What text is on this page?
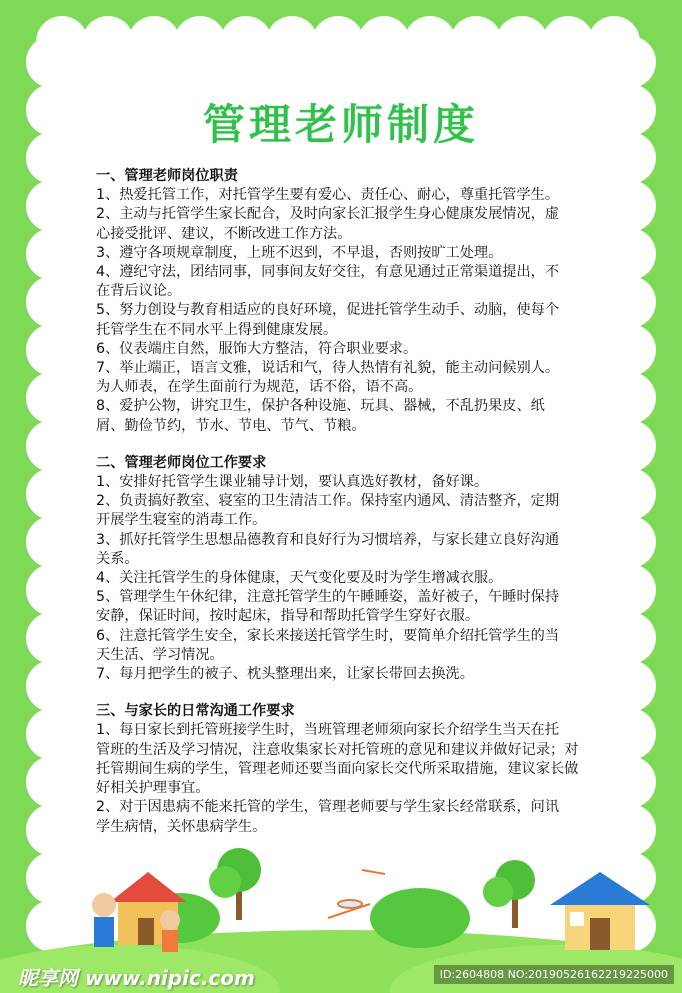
管理老师制度
一、管理老师岗位职责
1、热爱托管工作，对托管学生要有爱心、责任心、耐心，尊重托管学生。
2、主动与托管学生家长配合，及时向家长汇报学生身心健康发展情况，虚
心接受批评、建议，不断改进工作方法。
3、遵守各项规章制度，上班不迟到，不早退，否则按旷工处理。
4、遵纪守法，团结同事，同事间友好交往，有意见通过正常渠道提出，不
在背后议论。
5、努力创设与教育相适应的良好环境，促进托管学生动手、动脑，使每个
托管学生在不同水平上得到健康发展。
6、仪表端庄自然，服饰大方整洁，符合职业要求。
7、举止端正，语言文雅，说话和气，待人热情有礼貌，能主动问候别人。
为人师表，在学生面前行为规范，话不俗，语不高。
8、爱护公物，讲究卫生，保护各种设施、玩具、器械，不乱扔果皮、纸
屑、勤俭节约，节水、节电、节气、节粮。
二、管理老师岗位工作要求
1、安排好托管学生课业辅导计划，要认真选好教材，备好课。
2、负责搞好教室、寝室的卫生清洁工作。保持室内通风、清洁整齐，定期
开展学生寝室的消毒工作。
3、抓好托管学生思想品德教育和良好行为习惯培养，与家长建立良好沟通
关系。
4、关注托管学生的身体健康，天气变化要及时为学生增减衣服。
5、管理学生午休纪律，注意托管学生的午睡睡姿，盖好被子，午睡时保持
安静，保证时间，按时起床，指导和帮助托管学生穿好衣服。
6、注意托管学生安全，家长来接送托管学生时，要简单介绍托管学生的当
天生活、学习情况。
7、每月把学生的被子、枕头整理出来，让家长带回去换洗。
三、与家长的日常沟通工作要求
1、每日家长到托管班接学生时，当班管理老师须向家长介绍学生当天在托
管班的生活及学习情况，注意收集家长对托管班的意见和建议并做好记录；对
托管期间生病的学生，管理老师还要当面向家长交代所采取措施，建议家长做
好相关护理事宜。
2、对于因患病不能来托管的学生，管理老师要与学生家长经常联系，问讯
学生病情，关怀患病学生。
昵享网 www.nipic.com	ID:2604808 NO:20190526162219225000
